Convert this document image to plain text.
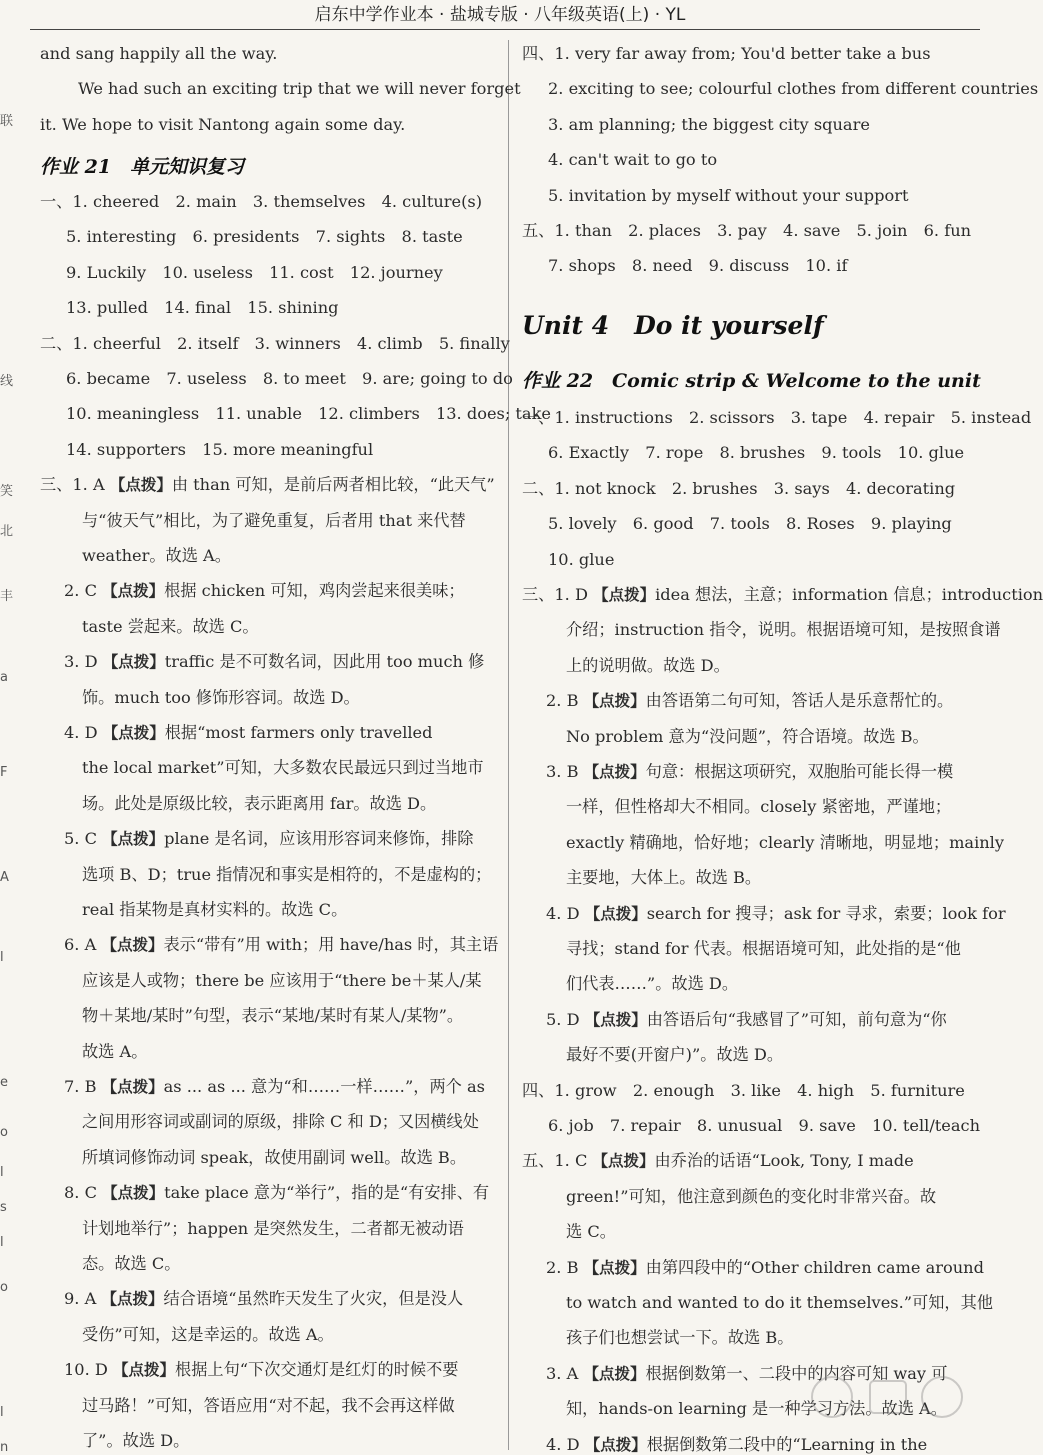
启东中学作业本 · 盐城专版 · 八年级英语(上) · YL
联
线
笑
北
丰
a
F
A
l
e
o
l
s
l
o
l
n
and sang happily all the way.
We had such an exciting trip that we will never forget
it. We hope to visit Nantong again some day.
作业 21　单元知识复习
一、1. cheered　2. main　3. themselves　4. culture(s)
5. interesting　6. presidents　7. sights　8. taste
9. Luckily　10. useless　11. cost　12. journey
13. pulled　14. final　15. shining
二、1. cheerful　2. itself　3. winners　4. climb　5. finally
6. became　7. useless　8. to meet　9. are; going to do
10. meaningless　11. unable　12. climbers　13. does; take
14. supporters　15. more meaningful
三、1. A 【点拨】由 than 可知，是前后两者相比较，“此天气”
与“彼天气”相比，为了避免重复，后者用 that 来代替
weather。故选 A。
2. C 【点拨】根据 chicken 可知，鸡肉尝起来很美味；
taste 尝起来。故选 C。
3. D 【点拨】traffic 是不可数名词，因此用 too much 修
饰。much too 修饰形容词。故选 D。
4. D 【点拨】根据“most farmers only travelled
the local market”可知，大多数农民最远只到过当地市
场。此处是原级比较，表示距离用 far。故选 D。
5. C 【点拨】plane 是名词，应该用形容词来修饰，排除
选项 B、D；true 指情况和事实是相符的，不是虚构的；
real 指某物是真材实料的。故选 C。
6. A 【点拨】表示“带有”用 with；用 have/has 时，其主语
应该是人或物；there be 应该用于“there be＋某人/某
物＋某地/某时”句型，表示“某地/某时有某人/某物”。
故选 A。
7. B 【点拨】as ... as ... 意为“和……一样……”，两个 as
之间用形容词或副词的原级，排除 C 和 D；又因横线处
所填词修饰动词 speak，故使用副词 well。故选 B。
8. C 【点拨】take place 意为“举行”，指的是“有安排、有
计划地举行”；happen 是突然发生，二者都无被动语
态。故选 C。
9. A 【点拨】结合语境“虽然昨天发生了火灾，但是没人
受伤”可知，这是幸运的。故选 A。
10. D 【点拨】根据上句“下次交通灯是红灯的时候不要
过马路！”可知，答语应用“对不起，我不会再这样做
了”。故选 D。
四、1. very far away from; You'd better take a bus
2. exciting to see; colourful clothes from different countries
3. am planning; the biggest city square
4. can't wait to go to
5. invitation by myself without your support
五、1. than　2. places　3. pay　4. save　5. join　6. fun
7. shops　8. need　9. discuss　10. if
Unit 4　Do it yourself
作业 22　Comic strip & Welcome to the unit
一、1. instructions　2. scissors　3. tape　4. repair　5. instead
6. Exactly　7. rope　8. brushes　9. tools　10. glue
二、1. not knock　2. brushes　3. says　4. decorating
5. lovely　6. good　7. tools　8. Roses　9. playing
10. glue
三、1. D 【点拨】idea 想法，主意；information 信息；introduction
介绍；instruction 指令，说明。根据语境可知，是按照食谱
上的说明做。故选 D。
2. B 【点拨】由答语第二句可知，答话人是乐意帮忙的。
No problem 意为“没问题”，符合语境。故选 B。
3. B 【点拨】句意：根据这项研究，双胞胎可能长得一模
一样，但性格却大不相同。closely 紧密地，严谨地；
exactly 精确地，恰好地；clearly 清晰地，明显地；mainly
主要地，大体上。故选 B。
4. D 【点拨】search for 搜寻；ask for 寻求，索要；look for
寻找；stand for 代表。根据语境可知，此处指的是“他
们代表……”。故选 D。
5. D 【点拨】由答语后句“我感冒了”可知，前句意为“你
最好不要(开窗户)”。故选 D。
四、1. grow　2. enough　3. like　4. high　5. furniture
6. job　7. repair　8. unusual　9. save　10. tell/teach
五、1. C 【点拨】由乔治的话语“Look, Tony, I made
green!”可知，他注意到颜色的变化时非常兴奋。故
选 C。
2. B 【点拨】由第四段中的“Other children came around
to watch and wanted to do it themselves.”可知，其他
孩子们也想尝试一下。故选 B。
3. A 【点拨】根据倒数第一、二段中的内容可知 way 可
知，hands-on learning 是一种学习方法。故选 A。
4. D 【点拨】根据倒数第二段中的“Learning in the
